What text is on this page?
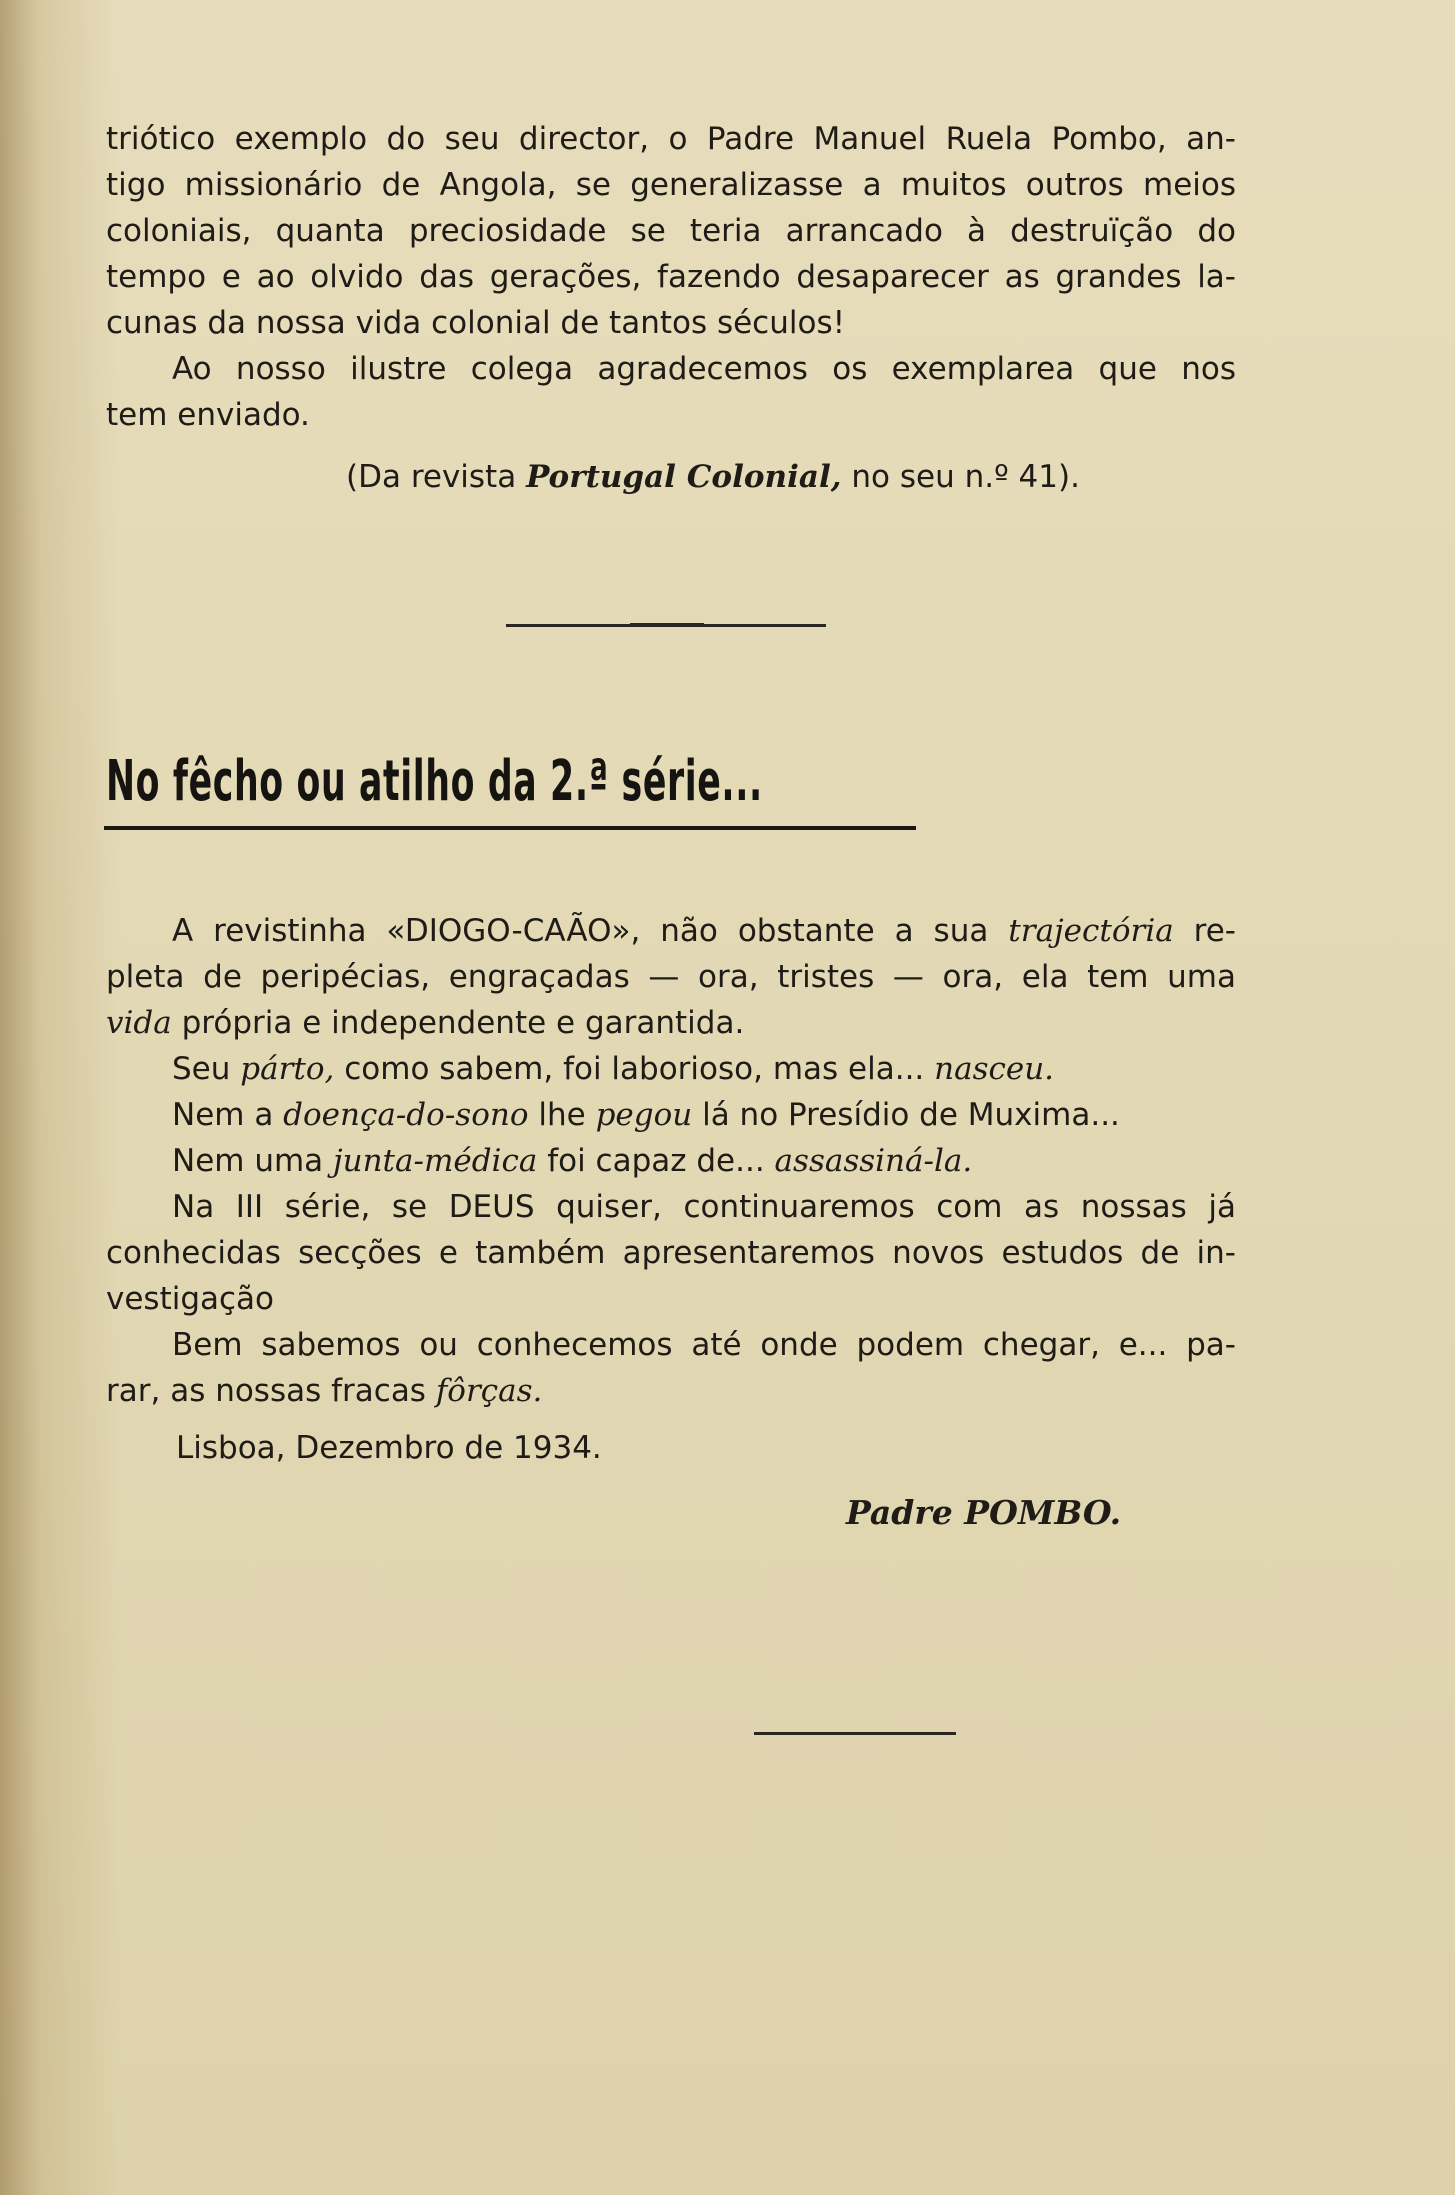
triótico exemplo do seu director, o Padre Manuel Ruela Pombo, an-
tigo missionário de Angola, se generalizasse a muitos outros meios
coloniais, quanta preciosidade se teria arrancado à destruïção do
tempo e ao olvido das gerações, fazendo desaparecer as grandes la-
cunas da nossa vida colonial de tantos séculos!
Ao nosso ilustre colega agradecemos os exemplarea que nos
tem enviado.
(Da revista Portugal Colonial, no seu n.º 41).
No fêcho ou atilho da 2.ª série...
A revistinha «DIOGO-CAÃO», não obstante a sua trajectória re-
pleta de peripécias, engraçadas — ora, tristes — ora, ela tem uma
vida própria e independente e garantida.
Seu párto, como sabem, foi laborioso, mas ela... nasceu.
Nem a doença-do-sono lhe pegou lá no Presídio de Muxima...
Nem uma junta-médica foi capaz de... assassiná-la.
Na III série, se DEUS quiser, continuaremos com as nossas já
conhecidas secções e também apresentaremos novos estudos de in-
vestigação
Bem sabemos ou conhecemos até onde podem chegar, e... pa-
rar, as nossas fracas fôrças.
Lisboa, Dezembro de 1934.
Padre POMBO.
